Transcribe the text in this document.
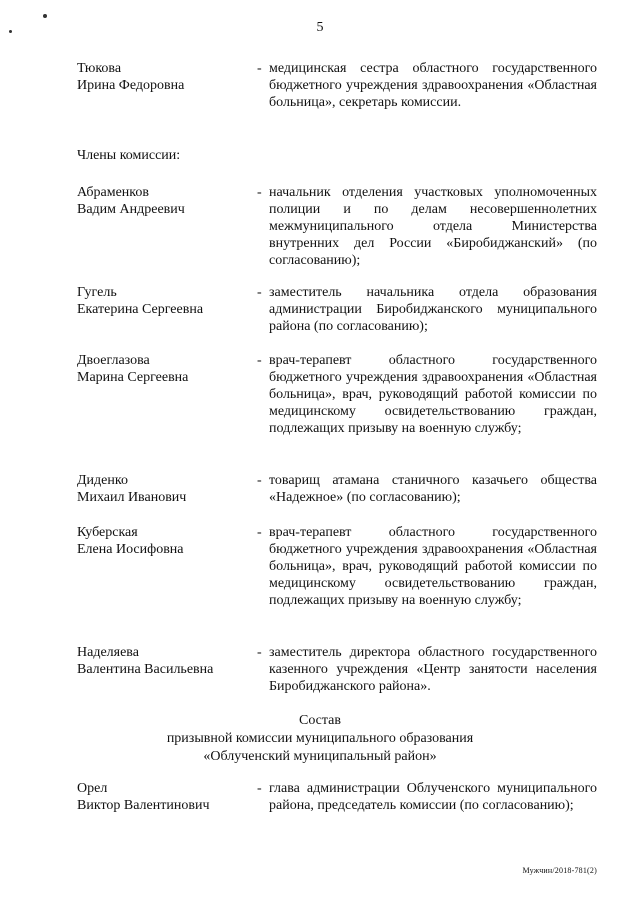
5
Тюкова
Ирина Федоровна
- медицинская сестра областного государственного бюджетного учреждения здравоохранения «Областная больница», секретарь комиссии.
Члены комиссии:
Абраменков
Вадим Андреевич
- начальник отделения участковых уполномоченных полиции и по делам несовершеннолетних межмуниципального отдела Министерства внутренних дел России «Биробиджанский» (по согласованию);
Гугель
Екатерина Сергеевна
- заместитель начальника отдела образования администрации Биробиджанского муниципального района (по согласованию);
Двоеглазова
Марина Сергеевна
- врач-терапевт областного государственного бюджетного учреждения здравоохранения «Областная больница», врач, руководящий работой комиссии по медицинскому освидетельствованию граждан, подлежащих призыву на военную службу;
Диденко
Михаил Иванович
- товарищ атамана станичного казачьего общества «Надежное» (по согласованию);
Куберская
Елена Иосифовна
- врач-терапевт областного государственного бюджетного учреждения здравоохранения «Областная больница», врач, руководящий работой комиссии по медицинскому освидетельствованию граждан, подлежащих призыву на военную службу;
Наделяева
Валентина Васильевна
- заместитель директора областного государственного казенного учреждения «Центр занятости населения Биробиджанского района».
Состав
призывной комиссии муниципального образования
«Облученский муниципальный район»
Орел
Виктор Валентинович
- глава администрации Облученского муниципального района, председатель комиссии (по согласованию);
Мужчин/2018-781(2)
